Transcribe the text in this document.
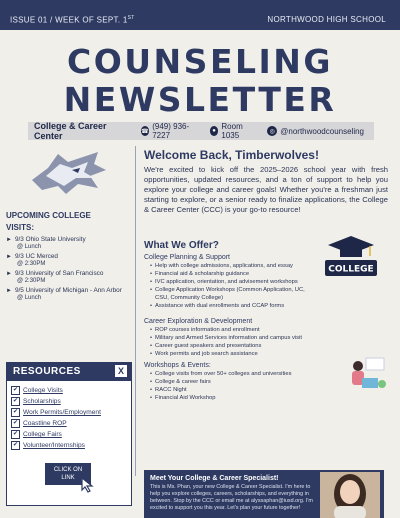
ISSUE 01 / WEEK OF SEPT. 1ST	NORTHWOOD HIGH SCHOOL
COUNSELING
NEWSLETTER
College & Career Center	☎
(949) 936-7227	● Room 1035	◎ @northwoodcounseling
UPCOMING COLLEGE
VISITS:
► 9/3 Ohio State University
@ Lunch
► 9/3 UC Merced
@ 2:30PM
► 9/3 University of San Francisco
@ 2:30PM
► 9/5 University of Michigan - Ann Arbor
@ Lunch
RESOURCES	X
✔ College Visits
✔ Scholarships
✔ Work Permits/Employment
✔ Coastline ROP
✔ College Fairs
✔ Volunteer/Internships
CLICK ON
LINK
Welcome Back, Timberwolves!
We're excited to kick off the 2025–2026 school year with fresh opportunities, updated resources, and a ton of support to help you explore your college and career goals! Whether you're a freshman just starting to explore, or a senior ready to finalize applications, the College & Career Center (CCC) is your go-to resource!
What We Offer?
COLLEGE
College Planning & Support
• Help with college admissions, applications, and essay
• Financial aid & scholarship guidance
• IVC application, orientation, and advisement workshops
• College Application Workshops (Common Application, UC, CSU, Community College)
• Assistance with dual enrollments and CCAP forms
Career Exploration & Development
• ROP courses information and enrollment
• Military and Armed Services information and campus visit
• Career guest speakers and presentations
• Work permits and job search assistance
Workshops & Events:
• College visits from over 50+ colleges and universities
• College & career fairs
• RACC Night
• Financial Aid Workshop
Meet Your College & Career Specialist!
This is Ms. Phan, your new College & Career Specialist. I'm here to help you explore colleges, careers, scholarships, and everything in between. Stop by the CCC or email me at alyssaphan@iusd.org. I'm excited to support you this year. Let's plan your future together!
